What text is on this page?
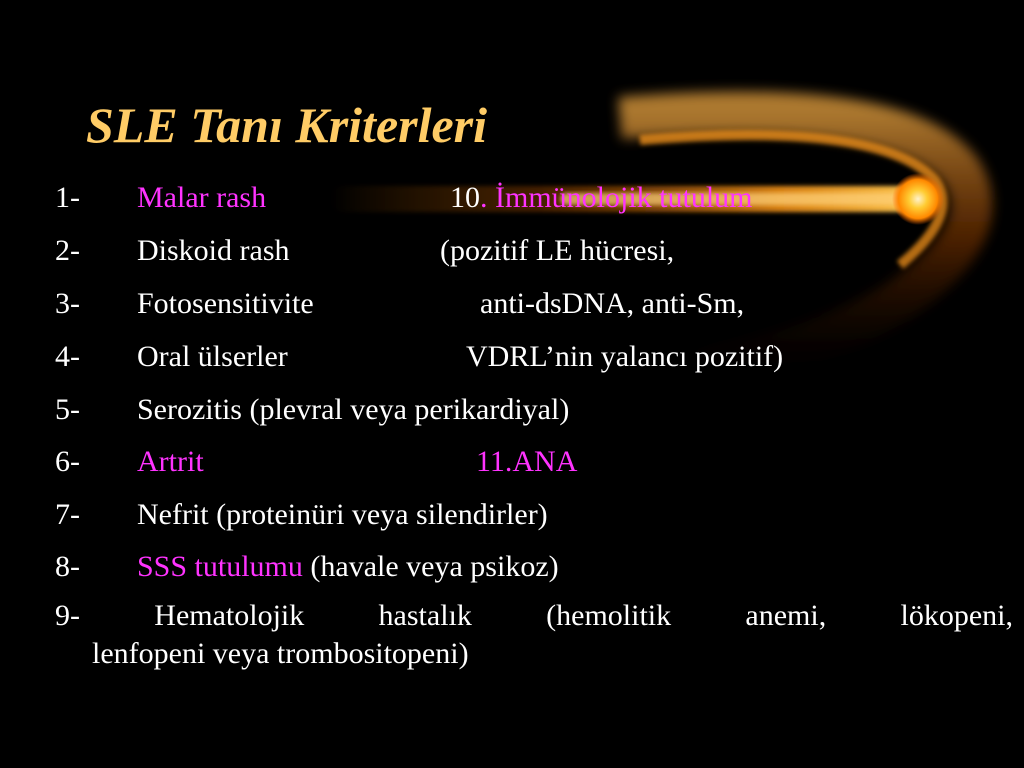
SLE Tanı Kriterleri
1- Malar rash	10. İmmünolojik tutulum
2- Diskoid rash	(pozitif LE hücresi,
3- Fotosensitivite	anti-dsDNA, anti-Sm,
4- Oral ülserler	VDRL’nin yalancı pozitif)
5- Serozitis (plevral veya perikardiyal)
6- Artrit	11.ANA
7- Nefrit (proteinüri veya silendirler)
8- SSS tutulumu (havale veya psikoz)
9- Hematolojik hastalık (hemolitik anemi, lökopeni,
lenfopeni veya trombositopeni)
